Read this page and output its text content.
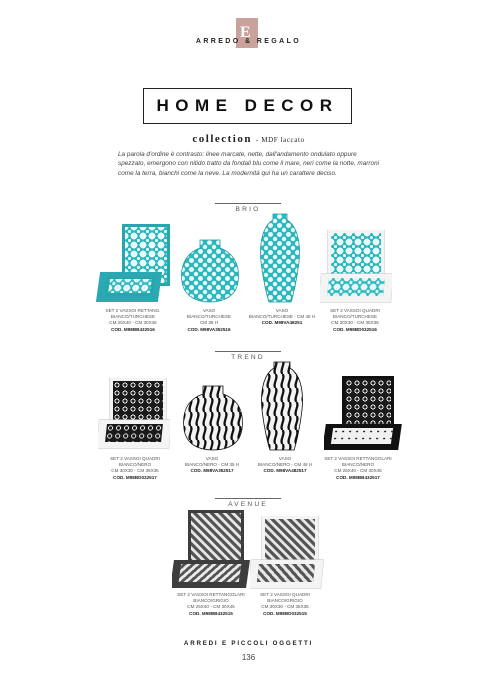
E
ARREDO & REGALO
HOME DECOR
collection - MDF laccato
La parola d'ordine è contrasto: linee marcate, nette, dall'andamento ondulato oppure spezzato, emergono con nitido tratto da fondali blu come il mare, neri come la notte, marroni come la terra, bianchi come la neve. La modernità qui ha un carattere deciso.
BRIO
SET 2 VASSOI RETTANG.
BIANCO/TURCHESE
CM 25X40 - CM 30X45
COD. M98BB432516
VASO
BIANCO/TURCHESE
CM 35 H
COD. M98VA352516
VASO
BIANCO/TURCHESE - CM 48 H
COD. M98VA48251
SET 2 VASSOI QUADRI
BIANCO/TURCHESE
CM 30X30 - CM 35X35
COD. M98BD032516
TREND
SET 2 VASSOI QUADRI
BIANCO/NERO
CM 30X30 - CM 35X35
COD. M98BD032517
VASO
BIANCO/NERO - CM 35 H
COD. M98VA352517
VASO
BIANCO/NERO - CM 48 H
COD. M98VA482517
SET 2 VASSOI RETTANGOLARI
BIANCO/NERO
CM 25X40 - CM 30X45
COD. M98BB432517
AVENUE
SET 2 VASSOI RETTANGOLARI
BIANCO/GRIGIO
CM 25X40 - CM 30X45
COD. M98BB432515
SET 2 VASSOI QUADRI
BIANCO/GRIGIO
CM 30X30 - CM 35X35
COD. M98BD032515
ARREDI E PICCOLI OGGETTI
136
